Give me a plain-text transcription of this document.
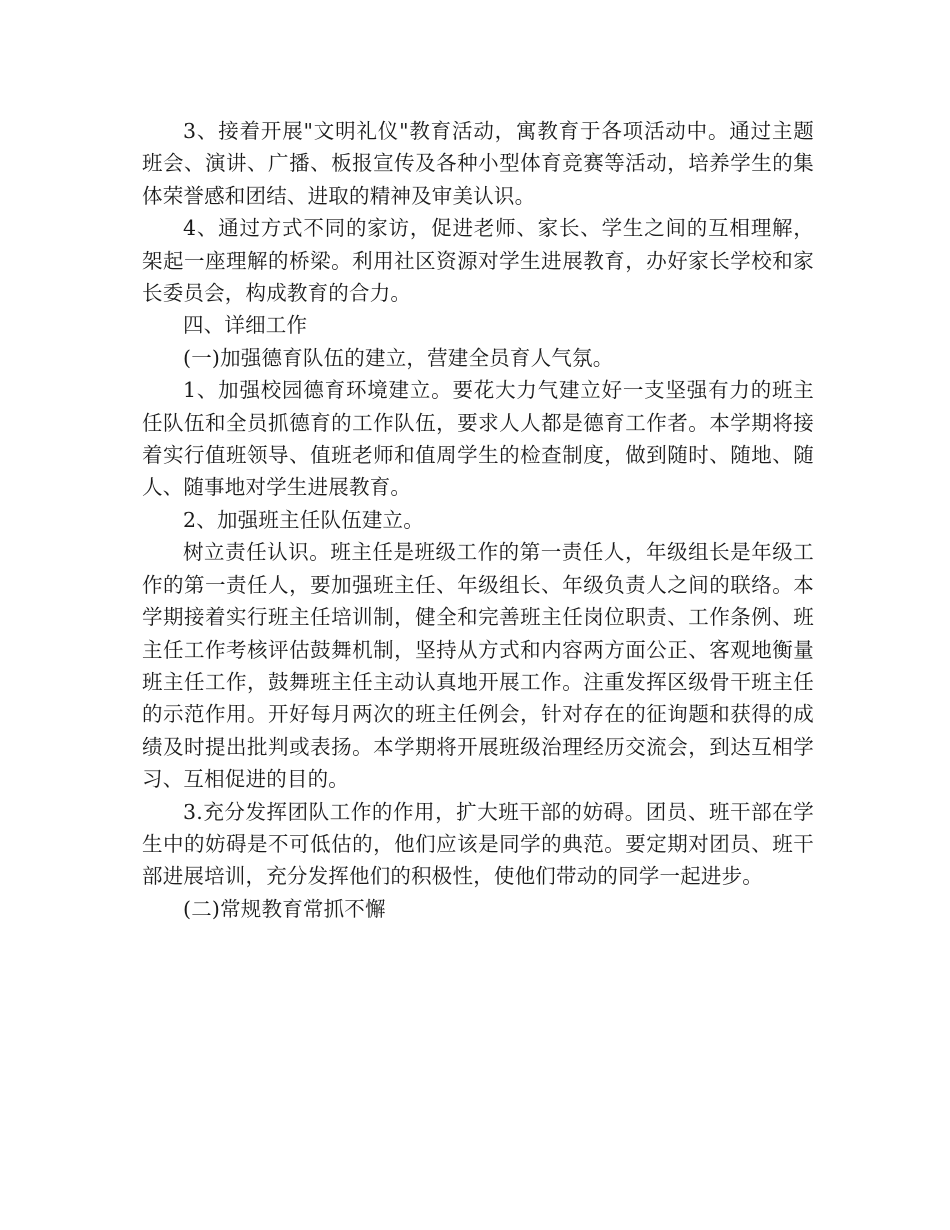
3、接着开展"文明礼仪"教育活动，寓教育于各项活动中。通过主题班会、演讲、广播、板报宣传及各种小型体育竞赛等活动，培养学生的集体荣誉感和团结、进取的精神及审美认识。

4、通过方式不同的家访，促进老师、家长、学生之间的互相理解，架起一座理解的桥梁。利用社区资源对学生进展教育，办好家长学校和家长委员会，构成教育的合力。

四、详细工作

(一)加强德育队伍的建立，营建全员育人气氛。

1、加强校园德育环境建立。要花大力气建立好一支坚强有力的班主任队伍和全员抓德育的工作队伍，要求人人都是德育工作者。本学期将接着实行值班领导、值班老师和值周学生的检查制度，做到随时、随地、随人、随事地对学生进展教育。

2、加强班主任队伍建立。

树立责任认识。班主任是班级工作的第一责任人，年级组长是年级工作的第一责任人，要加强班主任、年级组长、年级负责人之间的联络。本学期接着实行班主任培训制，健全和完善班主任岗位职责、工作条例、班主任工作考核评估鼓舞机制，坚持从方式和内容两方面公正、客观地衡量班主任工作，鼓舞班主任主动认真地开展工作。注重发挥区级骨干班主任的示范作用。开好每月两次的班主任例会，针对存在的征询题和获得的成绩及时提出批判或表扬。本学期将开展班级治理经历交流会，到达互相学习、互相促进的目的。

3.充分发挥团队工作的作用，扩大班干部的妨碍。团员、班干部在学生中的妨碍是不可低估的，他们应该是同学的典范。要定期对团员、班干部进展培训，充分发挥他们的积极性，使他们带动的同学一起进步。

(二)常规教育常抓不懈
